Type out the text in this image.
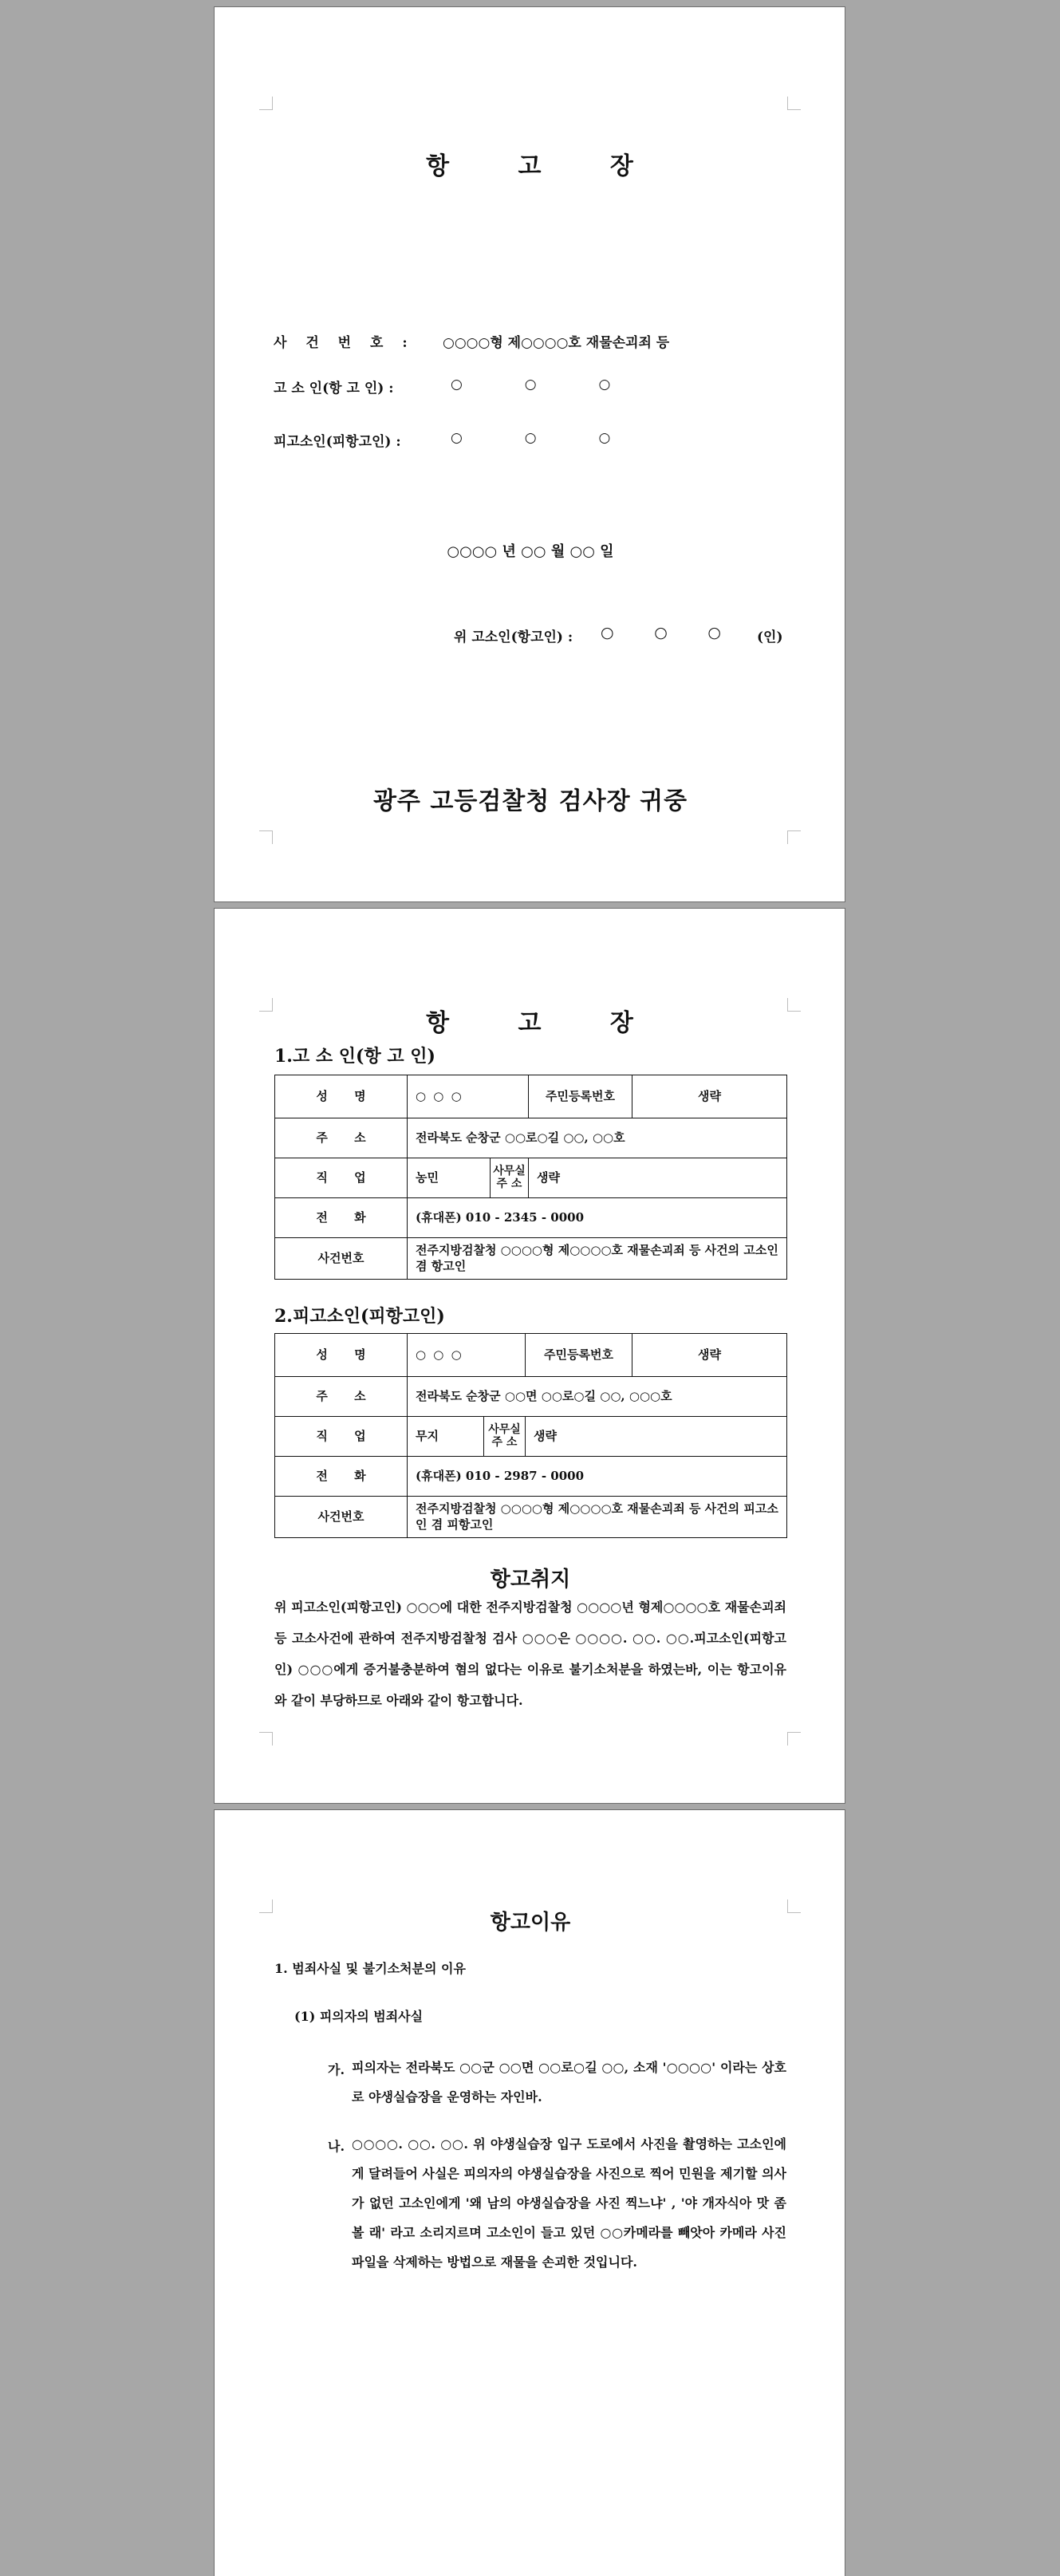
항 고 장
사 건 번 호 :	○○○○형 제○○○○호 재물손괴죄 등
고 소 인(항 고 인) :	○ ○ ○
피고소인(피항고인) :	○ ○ ○
○○○○ 년 ○○ 월 ○○ 일
위 고소인(항고인) : ○ ○ ○	(인)
광주 고등검찰청 검사장 귀중
항 고 장
1.고 소 인(항 고 인)
성 명	○ ○ ○		주민등록번호	생략
주 소	전라북도 순창군 ○○로○길 ○○, ○○호			
직 업	농민	사무실 주 소	생략	
전 화	(휴대폰) 010 - 2345 - 0000			
사건번호	전주지방검찰청 ○○○○형 제○○○○호 재물손괴죄 등 사건의 고소인 겸 항고인			
2.피고소인(피항고인)
성 명	○ ○ ○		주민등록번호	생략
주 소	전라북도 순창군 ○○면 ○○로○길 ○○, ○○○호			
직 업	무지	사무실 주 소	생략	
전 화	(휴대폰) 010 - 2987 - 0000			
사건번호	전주지방검찰청 ○○○○형 제○○○○호 재물손괴죄 등 사건의 피고소인 겸 피항고인			
항고취지
위 피고소인(피항고인) ○○○에 대한 전주지방검찰청 ○○○○년 형제○○○○호 재물손괴죄 등 고소사건에 관하여 전주지방검찰청 검사 ○○○은 ○○○○. ○○. ○○.피고소인(피항고인) ○○○에게 증거불충분하여 혐의 없다는 이유로 불기소처분을 하였는바, 이는 항고이유와 같이 부당하므로 아래와 같이 항고합니다.
항고이유
1. 범죄사실 및 불기소처분의 이유
(1) 피의자의 범죄사실
가. 피의자는 전라북도 ○○군 ○○면 ○○로○길 ○○, 소재 '○○○○' 이라는 상호로 야생실습장을 운영하는 자인바.
나. ○○○○. ○○. ○○. 위 야생실습장 입구 도로에서 사진을 촬영하는 고소인에게 달려들어 사실은 피의자의 야생실습장을 사진으로 찍어 민원을 제기할 의사가 없던 고소인에게 '왜 남의 야생실습장을 사진 찍느냐' , '야 개자식아 맛 좀 볼 래' 라고 소리지르며 고소인이 들고 있던 ○○카메라를 빼앗아 카메라 사진파일을 삭제하는 방법으로 재물을 손괴한 것입니다.
